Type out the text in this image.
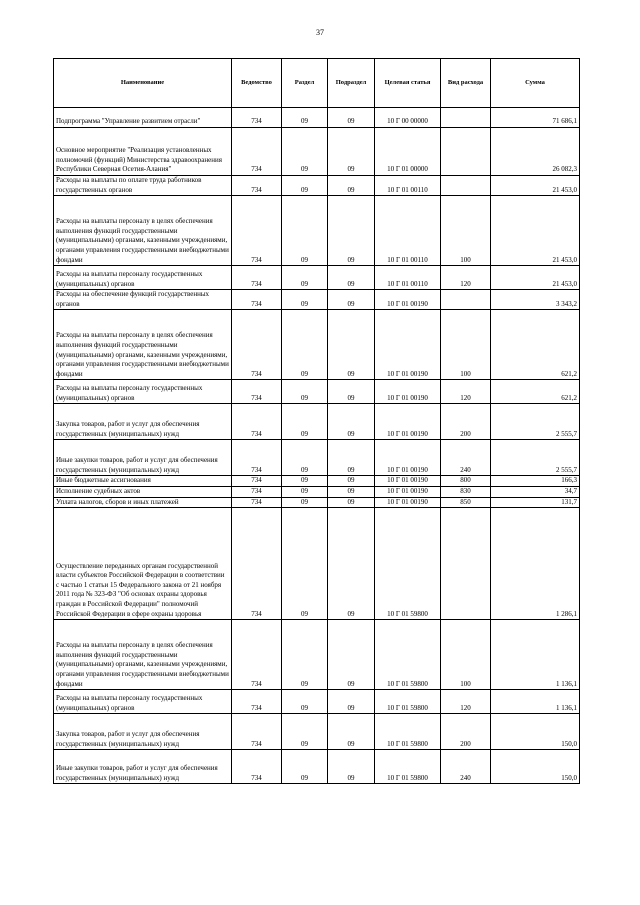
37
Наименование	Ведомство	Раздел	Подраздел	Целевая статья	Вид расхода	Сумма
Подпрограмма "Управление развитием отрасли"	734	09	09	10 Г 00 00000		71 686,1
Основное мероприятие "Реализация установленных полномочий (функций) Министерства здравоохранения Республики Северная Осетия-Алания"	734	09	09	10 Г 01 00000		26 082,3
Расходы на выплаты по оплате труда работников государственных органов	734	09	09	10 Г 01 00110		21 453,0
Расходы на выплаты персоналу в целях обеспечения выполнения функций государственными (муниципальными) органами, казенными учреждениями, органами управления государственными внебюджетными фондами	734	09	09	10 Г 01 00110	100	21 453,0
Расходы на выплаты персоналу государственных (муниципальных) органов	734	09	09	10 Г 01 00110	120	21 453,0
Расходы на обеспечение функций государственных органов	734	09	09	10 Г 01 00190		3 343,2
Расходы на выплаты персоналу в целях обеспечения выполнения функций государственными (муниципальными) органами, казенными учреждениями, органами управления государственными внебюджетными фондами	734	09	09	10 Г 01 00190	100	621,2
Расходы на выплаты персоналу государственных (муниципальных) органов	734	09	09	10 Г 01 00190	120	621,2
Закупка товаров, работ и услуг для обеспечения государственных (муниципальных) нужд	734	09	09	10 Г 01 00190	200	2 555,7
Иные закупки товаров, работ и услуг для обеспечения государственных (муниципальных) нужд	734	09	09	10 Г 01 00190	240	2 555,7
Иные бюджетные ассигнования	734	09	09	10 Г 01 00190	800	166,3
Исполнение судебных актов	734	09	09	10 Г 01 00190	830	34,7
Уплата налогов, сборов и иных платежей	734	09	09	10 Г 01 00190	850	131,7
Осуществление переданных органам государственной власти субъектов Российской Федерации в соответствии с частью 1 статьи 15 Федерального закона от 21 ноября 2011 года № 323-ФЗ "Об основах охраны здоровья граждан в Российской Федерации" полномочий Российской Федерации в сфере охраны здоровья	734	09	09	10 Г 01 59800		1 286,1
Расходы на выплаты персоналу в целях обеспечения выполнения функций государственными (муниципальными) органами, казенными учреждениями, органами управления государственными внебюджетными фондами	734	09	09	10 Г 01 59800	100	1 136,1
Расходы на выплаты персоналу государственных (муниципальных) органов	734	09	09	10 Г 01 59800	120	1 136,1
Закупка товаров, работ и услуг для обеспечения государственных (муниципальных) нужд	734	09	09	10 Г 01 59800	200	150,0
Иные закупки товаров, работ и услуг для обеспечения государственных (муниципальных) нужд	734	09	09	10 Г 01 59800	240	150,0
